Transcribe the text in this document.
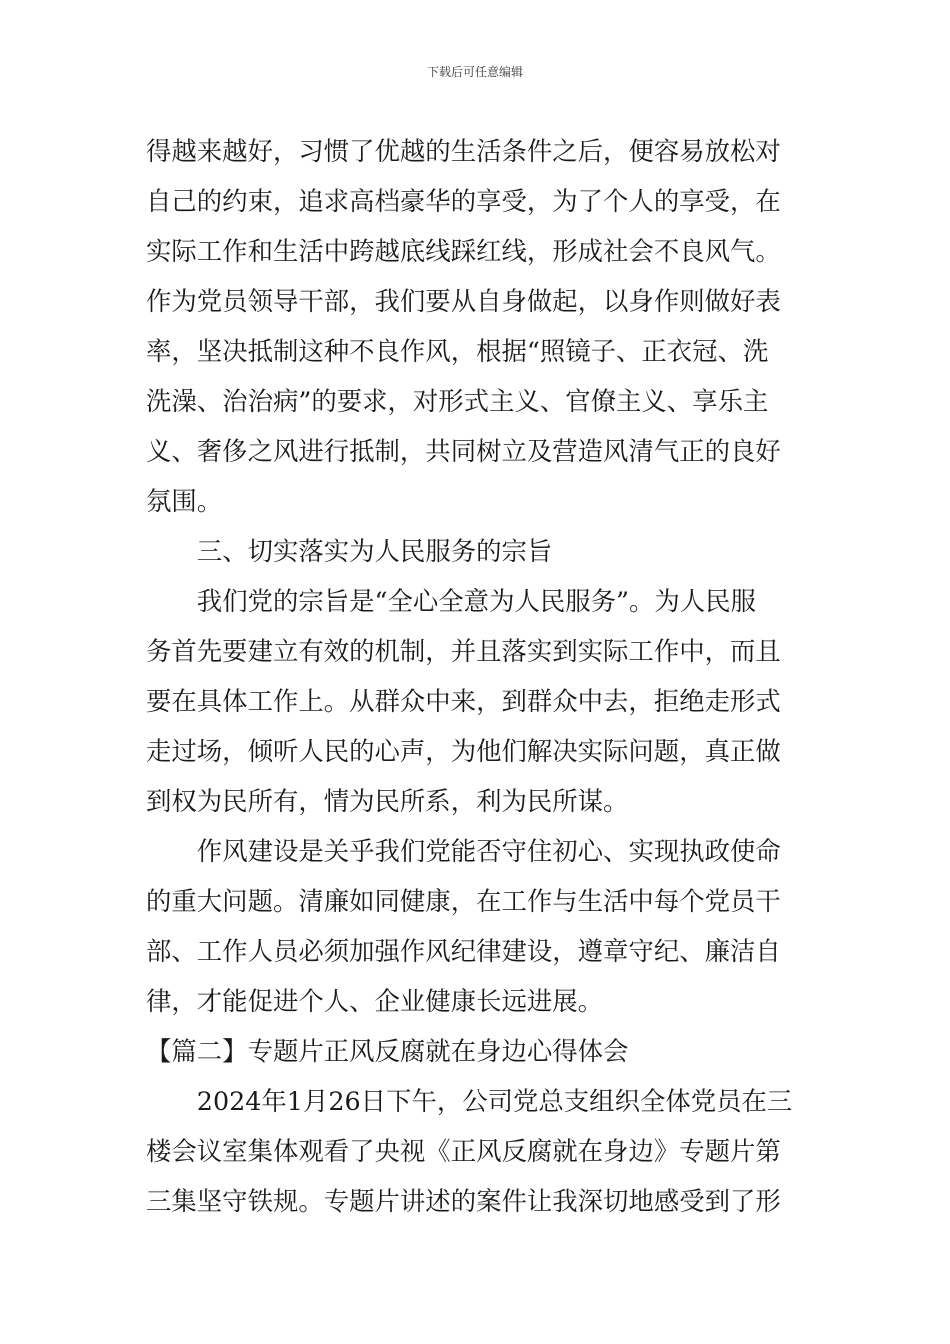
下载后可任意编辑
得越来越好，习惯了优越的生活条件之后，便容易放松对
自己的约束，追求高档豪华的享受，为了个人的享受，在
实际工作和生活中跨越底线踩红线，形成社会不良风气。
作为党员领导干部，我们要从自身做起，以身作则做好表
率，坚决抵制这种不良作风，根据“照镜子、正衣冠、洗
洗澡、治治病”的要求，对形式主义、官僚主义、享乐主
义、奢侈之风进行抵制，共同树立及营造风清气正的良好
氛围。
三、切实落实为人民服务的宗旨
我们党的宗旨是“全心全意为人民服务”。为人民服
务首先要建立有效的机制，并且落实到实际工作中，而且
要在具体工作上。从群众中来，到群众中去，拒绝走形式
走过场，倾听人民的心声，为他们解决实际问题，真正做
到权为民所有，情为民所系，利为民所谋。
作风建设是关乎我们党能否守住初心、实现执政使命
的重大问题。清廉如同健康，在工作与生活中每个党员干
部、工作人员必须加强作风纪律建设，遵章守纪、廉洁自
律，才能促进个人、企业健康长远进展。
【篇二】专题片正风反腐就在身边心得体会
2024年1月26日下午，公司党总支组织全体党员在三
楼会议室集体观看了央视《正风反腐就在身边》专题片第
三集坚守铁规。专题片讲述的案件让我深切地感受到了形
